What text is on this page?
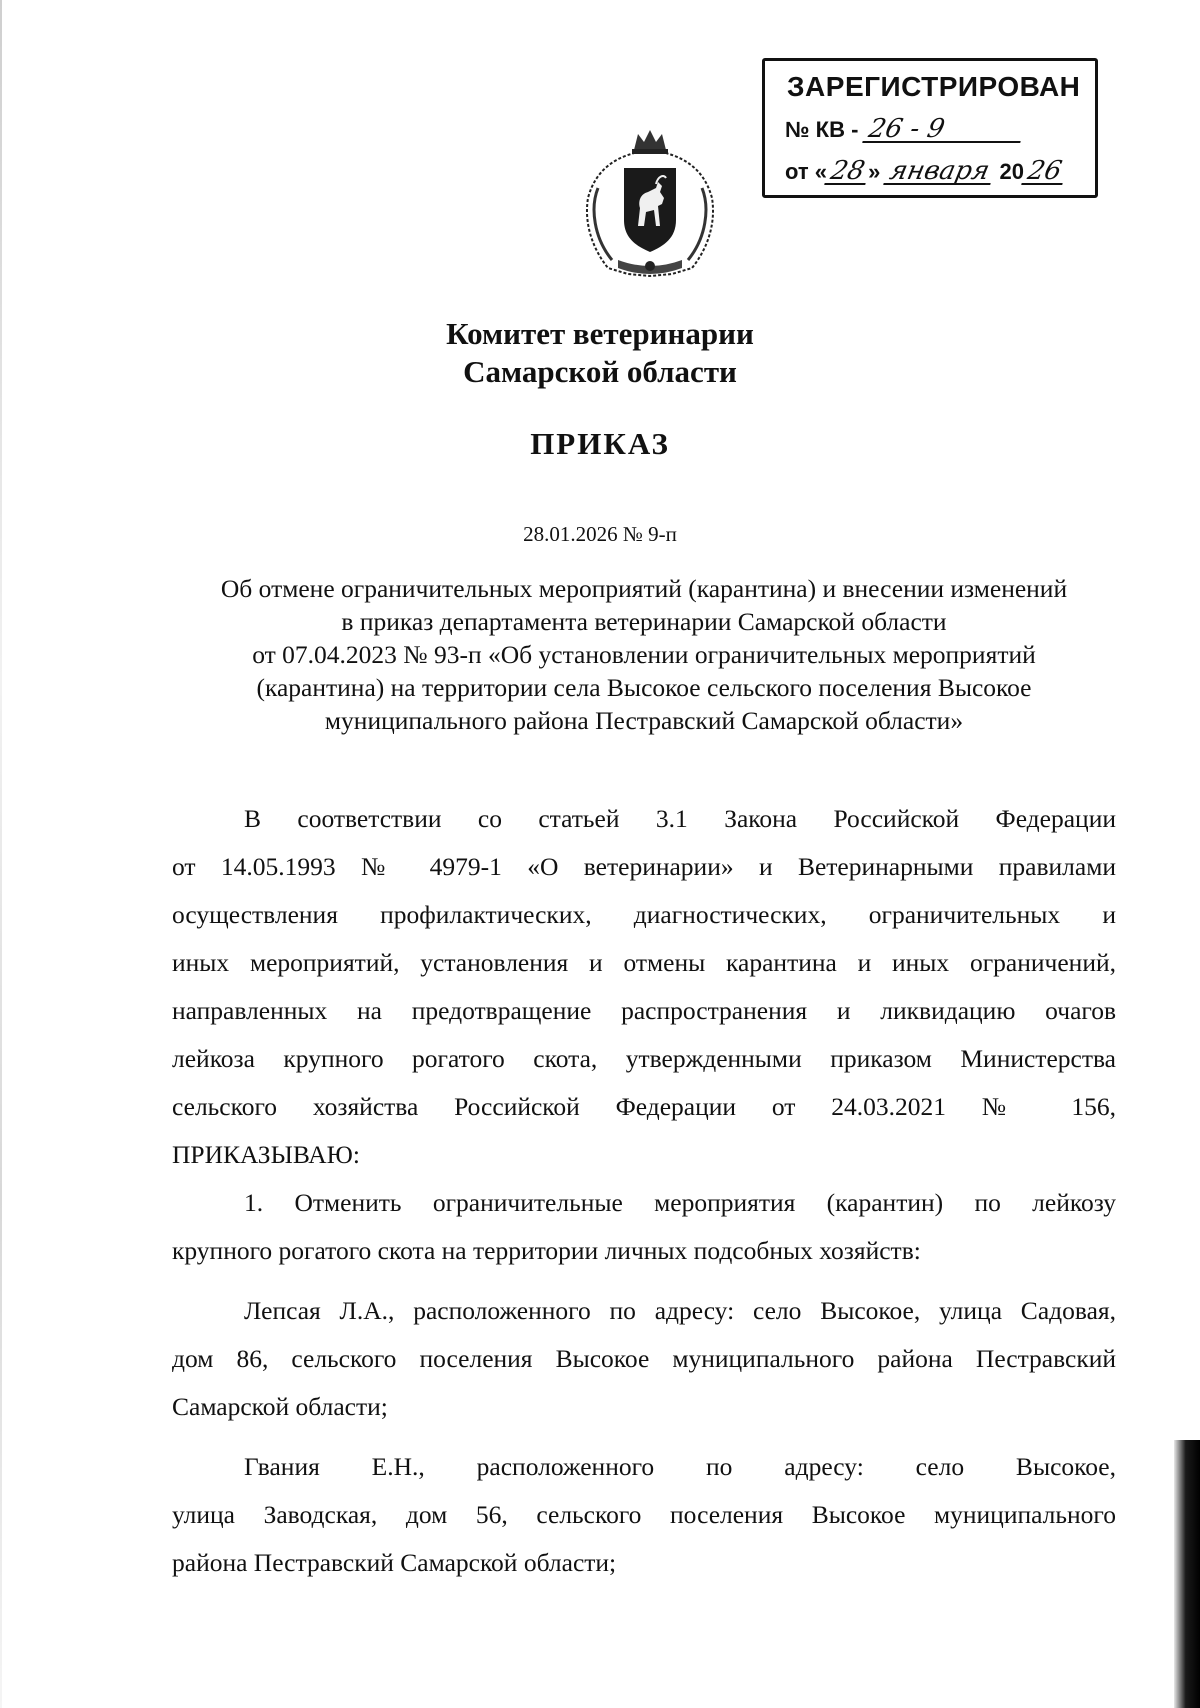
ЗАРЕГИСТРИРОВАН
№ КВ - 26 - 9
от «28» января 2026
Комитет ветеринарии
Самарской области
ПРИКАЗ
28.01.2026 № 9-п
Об отмене ограничительных мероприятий (карантина) и внесении изменений
в приказ департамента ветеринарии Самарской области
от 07.04.2023 № 93-п «Об установлении ограничительных мероприятий
(карантина) на территории села Высокое сельского поселения Высокое
муниципального района Пестравский Самарской области»
В соответствии со статьей 3.1 Закона Российской Федерации
от 14.05.1993 № 4979-1 «О ветеринарии» и Ветеринарными правилами
осуществления профилактических, диагностических, ограничительных и
иных мероприятий, установления и отмены карантина и иных ограничений,
направленных на предотвращение распространения и ликвидацию очагов
лейкоза крупного рогатого скота, утвержденными приказом Министерства
сельского хозяйства Российской Федерации от 24.03.2021 № 156,
ПРИКАЗЫВАЮ:
1. Отменить ограничительные мероприятия (карантин) по лейкозу
крупного рогатого скота на территории личных подсобных хозяйств:
Лепсая Л.А., расположенного по адресу: село Высокое, улица Садовая,
дом 86, сельского поселения Высокое муниципального района Пестравский
Самарской области;
Гвания Е.Н., расположенного по адресу: село Высокое,
улица Заводская, дом 56, сельского поселения Высокое муниципального
района Пестравский Самарской области;
